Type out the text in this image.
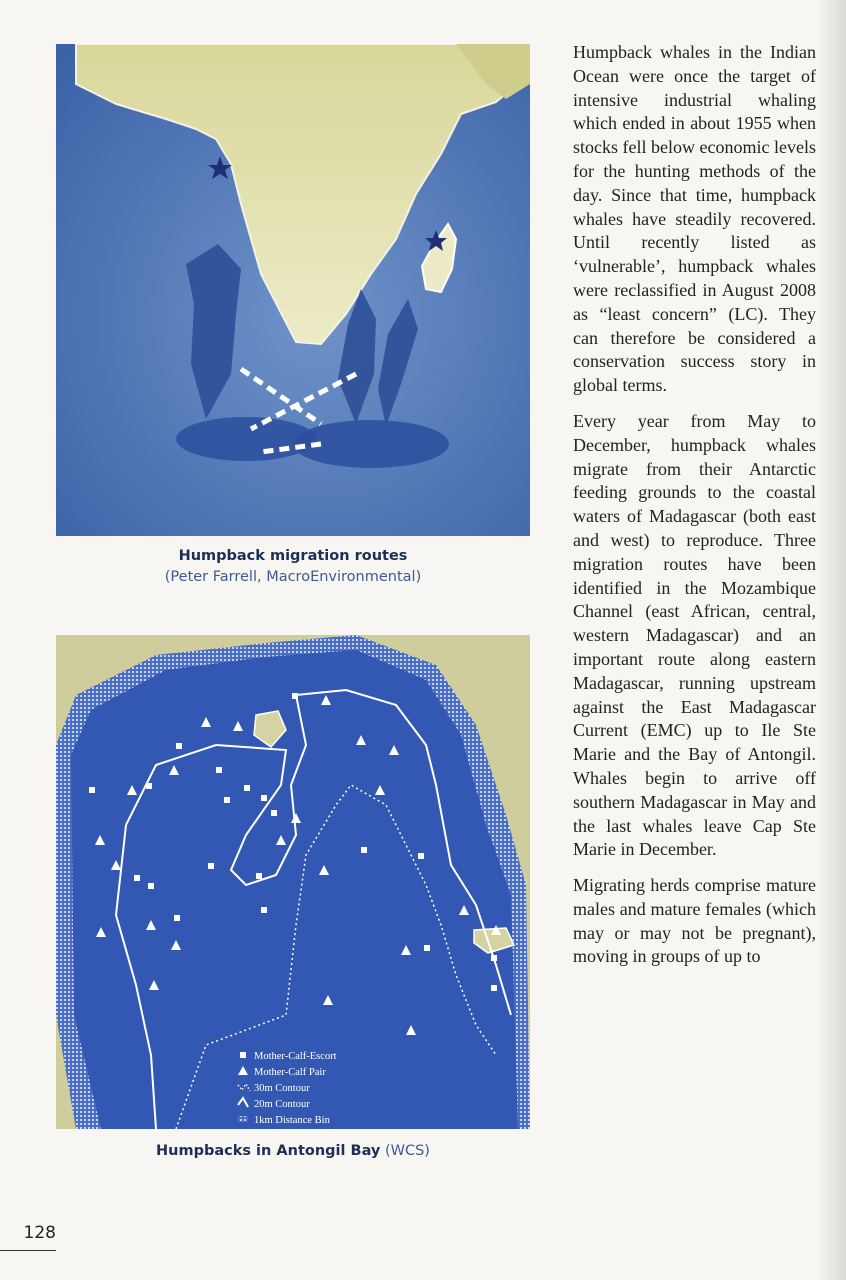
Humpback migration routes
(Peter Farrell, MacroEnvironmental)
Mother-Calf-Escort
Mother-Calf Pair
30m Contour
20m Contour
1km Distance Bin
Humpbacks in Antongil Bay (WCS)

Humpback whales in the Indian Ocean were once the target of intensive industrial whaling which ended in about 1955 when stocks fell below economic levels for the hunting methods of the day. Since that time, humpback whales have steadily recovered. Until recently listed as ‘vulnerable’, humpback whales were reclassified in August 2008 as “least concern” (LC). They can therefore be considered a conservation success story in global terms.

Every year from May to December, humpback whales migrate from their Antarctic feeding grounds to the coastal waters of Madagascar (both east and west) to reproduce. Three migration routes have been identified in the Mozambique Channel (east African, central, western Madagascar) and an important route along eastern Madagascar, running upstream against the East Madagascar Current (EMC) up to Ile Ste Marie and the Bay of Antongil. Whales begin to arrive off southern Madagascar in May and the last whales leave Cap Ste Marie in December.

Migrating herds comprise mature males and mature females (which may or may not be pregnant), moving in groups of up to

128
